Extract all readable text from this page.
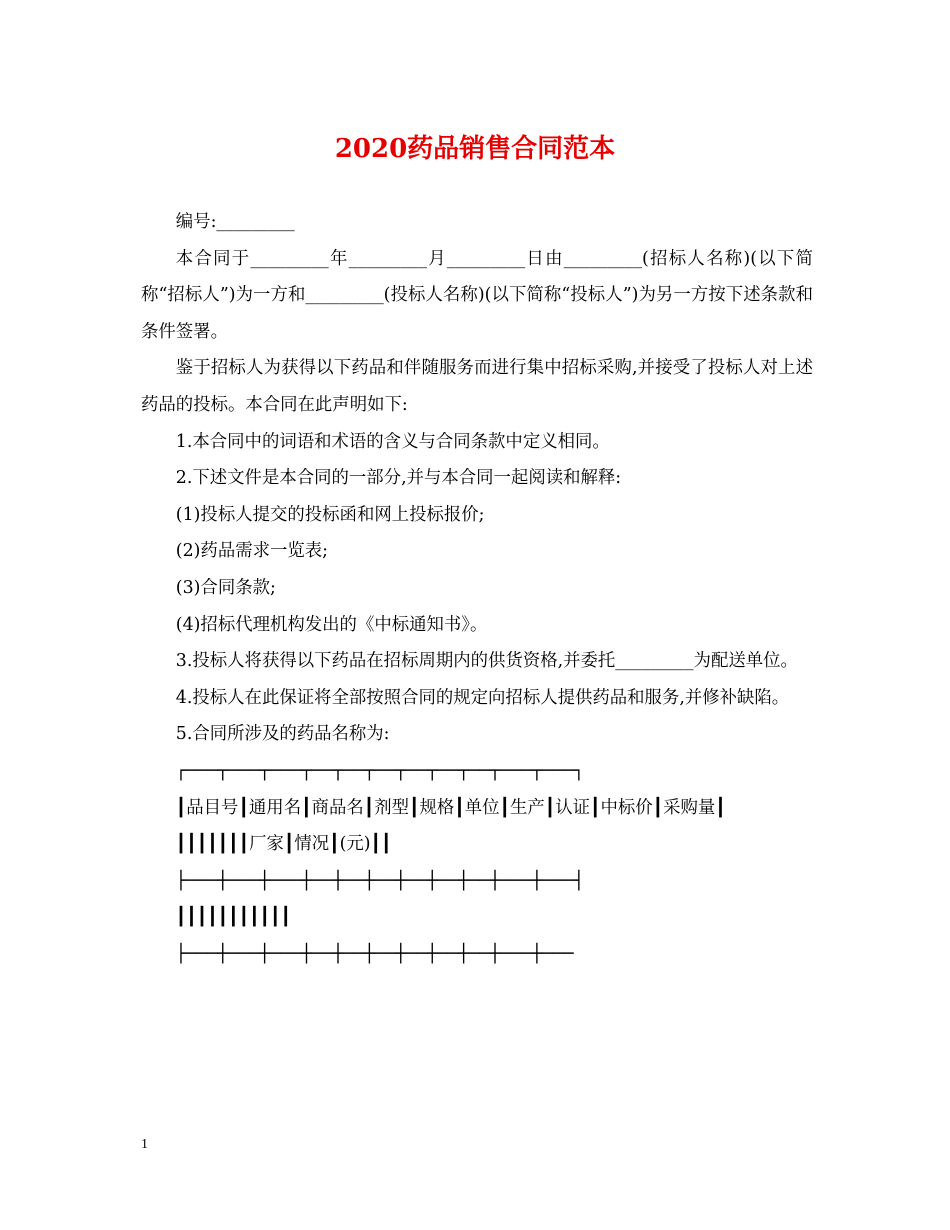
2020药品销售合同范本

编号:_________

本合同于_________年_________月_________日由_________(招标人名称)(以下简称“招标人”)为一方和_________(投标人名称)(以下简称“投标人”)为另一方按下述条款和条件签署。

鉴于招标人为获得以下药品和伴随服务而进行集中招标采购,并接受了投标人对上述药品的投标。本合同在此声明如下:

1.本合同中的词语和术语的含义与合同条款中定义相同。

2.下述文件是本合同的一部分,并与本合同一起阅读和解释:

(1)投标人提交的投标函和网上投标报价;

(2)药品需求一览表;

(3)合同条款;

(4)招标代理机构发出的《中标通知书》。

3.投标人将获得以下药品在招标周期内的供货资格,并委托_________为配送单位。

4.投标人在此保证将全部按照合同的规定向招标人提供药品和服务,并修补缺陷。

5.合同所涉及的药品名称为:

┌───┬───┬───┬──┬──┬──┬──┬──┬──┬───┬───┐

┃品目号┃通用名┃商品名┃剂型┃规格┃单位┃生产┃认证┃中标价┃采购量┃

┃┃┃┃┃┃┃厂家┃情况┃(元)┃┃

├───┼───┼───┼──┼──┼──┼──┼──┼──┼───┼───┤

┃┃┃┃┃┃┃┃┃┃┃

├───┼───┼───┼──┼──┼──┼──┼──┼──┼───┼───

1
